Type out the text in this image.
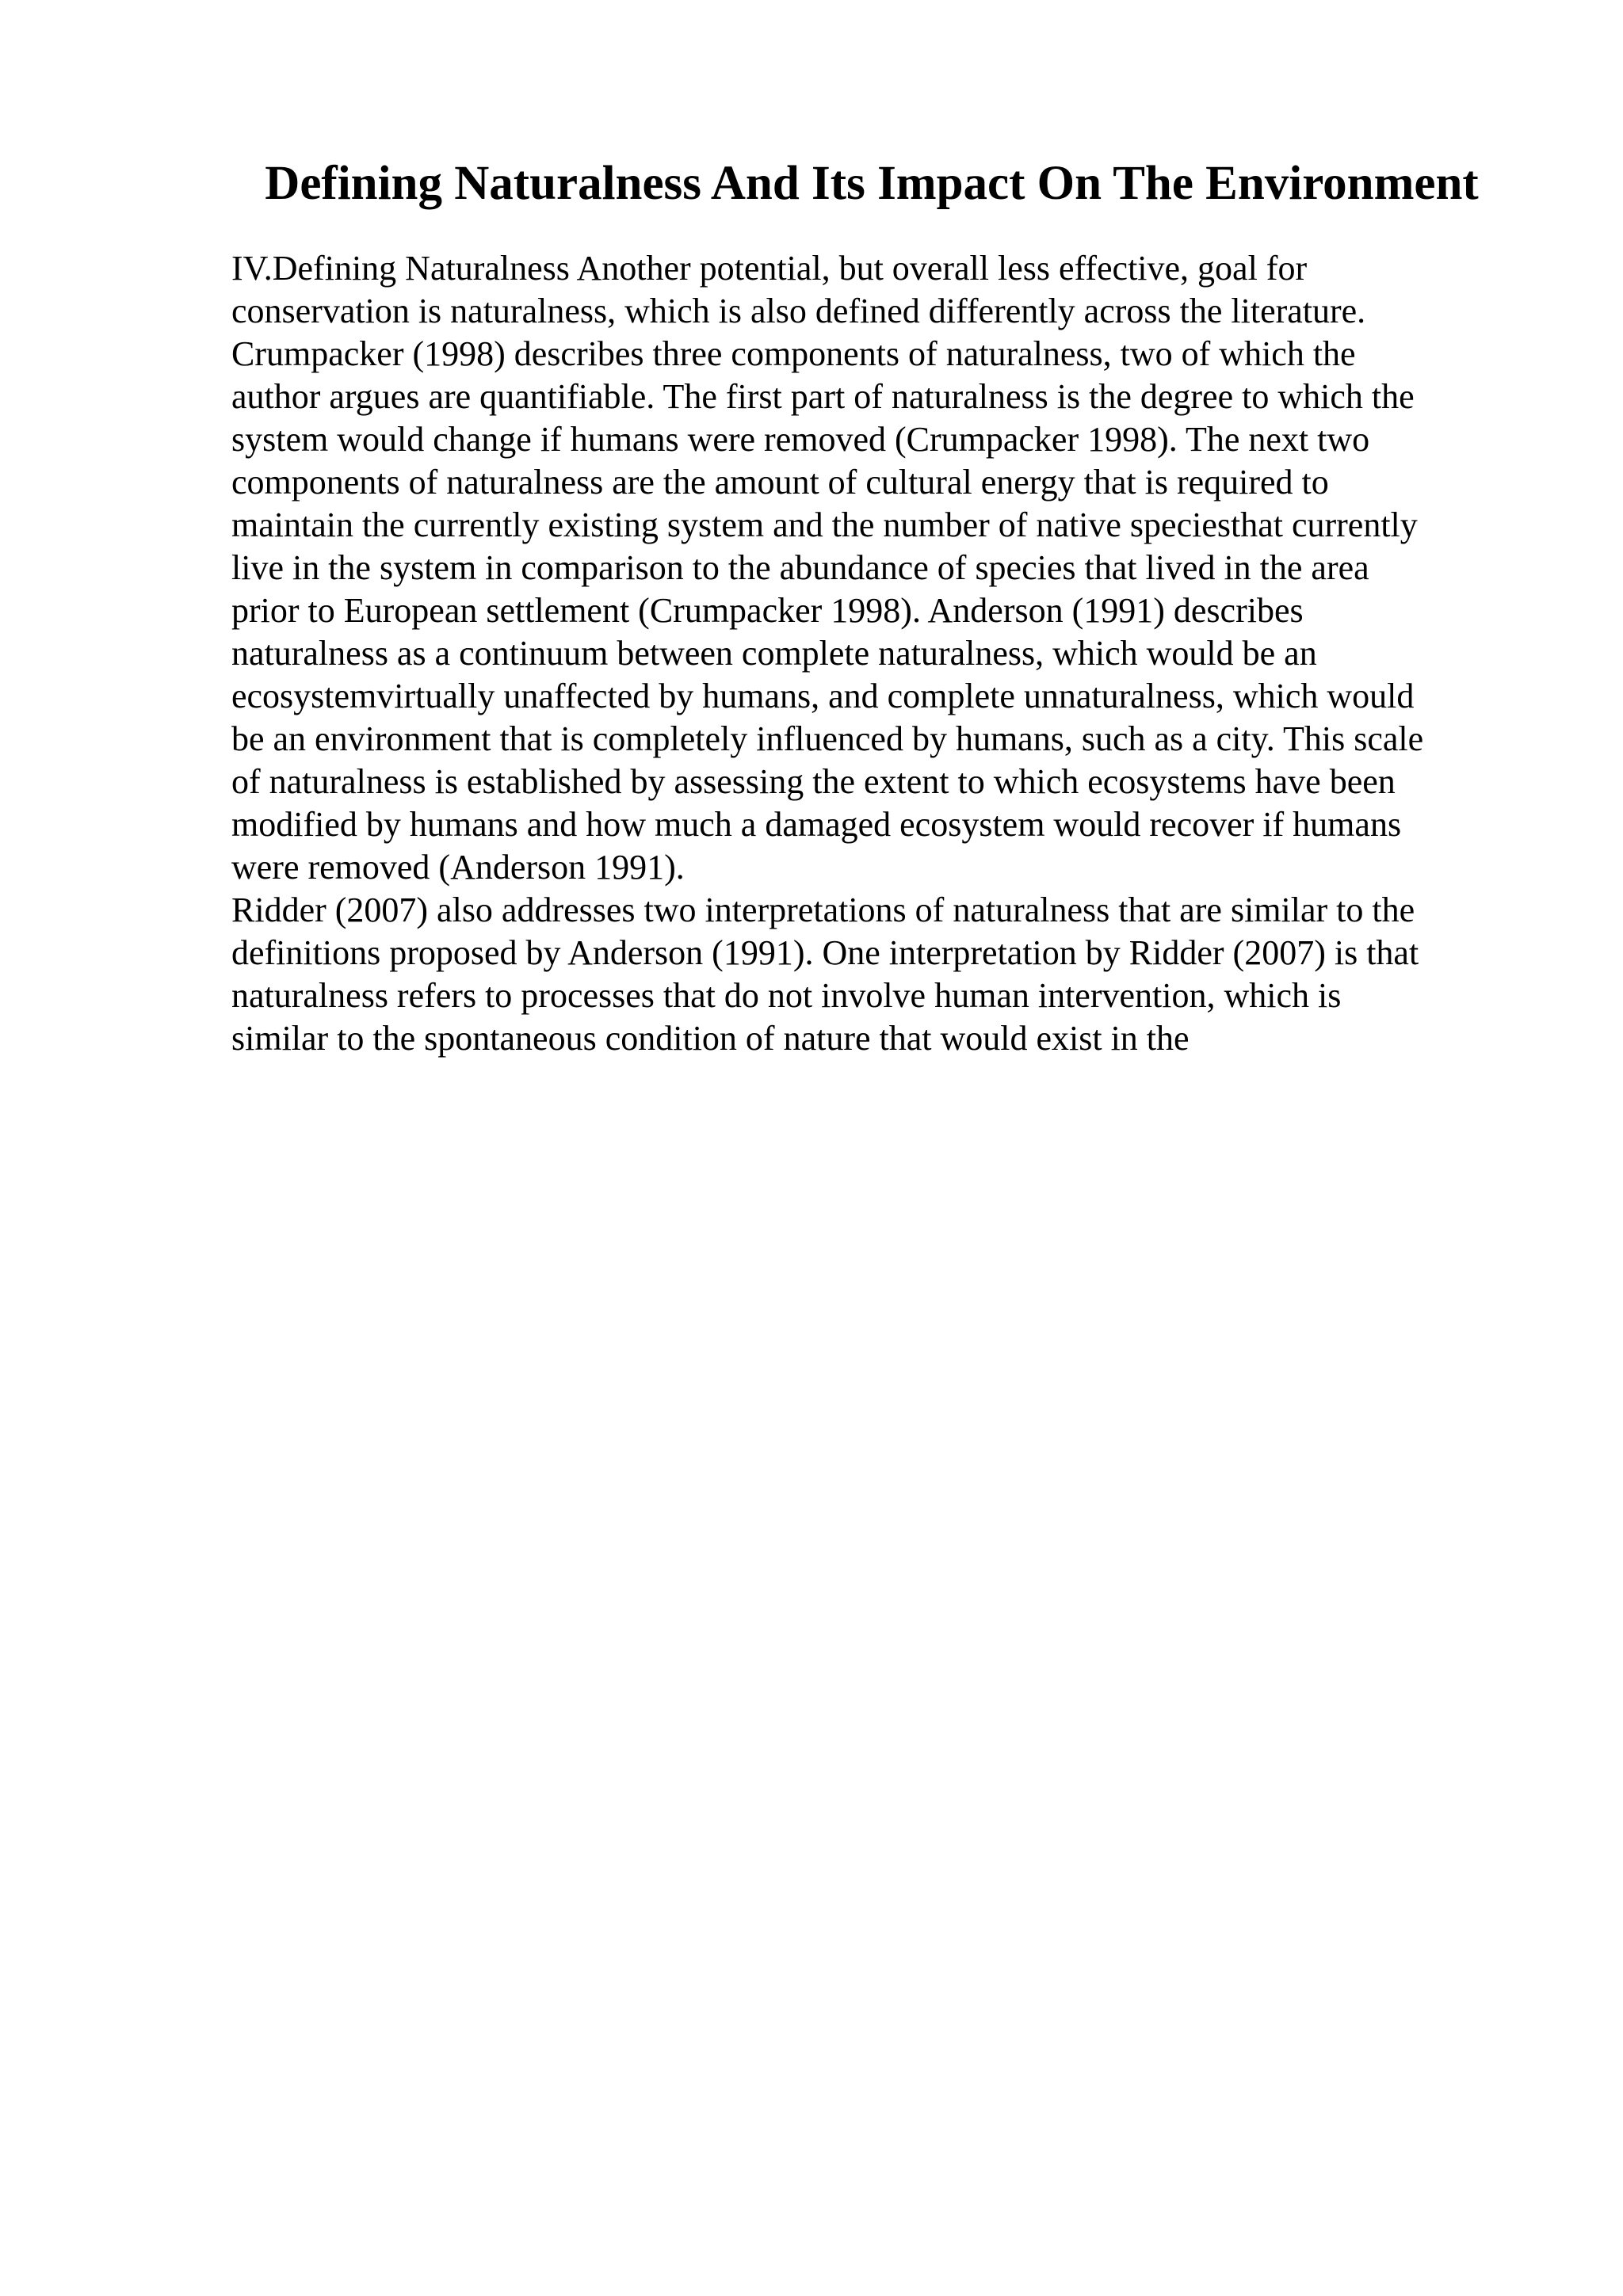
Defining Naturalness And Its Impact On The Environment
IV.Defining Naturalness Another potential, but overall less effective, goal for
conservation is naturalness, which is also defined differently across the literature.
Crumpacker (1998) describes three components of naturalness, two of which the
author argues are quantifiable. The first part of naturalness is the degree to which the
system would change if humans were removed (Crumpacker 1998). The next two
components of naturalness are the amount of cultural energy that is required to
maintain the currently existing system and the number of native speciesthat currently
live in the system in comparison to the abundance of species that lived in the area
prior to European settlement (Crumpacker 1998). Anderson (1991) describes
naturalness as a continuum between complete naturalness, which would be an
ecosystemvirtually unaffected by humans, and complete unnaturalness, which would
be an environment that is completely influenced by humans, such as a city. This scale
of naturalness is established by assessing the extent to which ecosystems have been
modified by humans and how much a damaged ecosystem would recover if humans
were removed (Anderson 1991).
Ridder (2007) also addresses two interpretations of naturalness that are similar to the
definitions proposed by Anderson (1991). One interpretation by Ridder (2007) is that
naturalness refers to processes that do not involve human intervention, which is
similar to the spontaneous condition of nature that would exist in the
